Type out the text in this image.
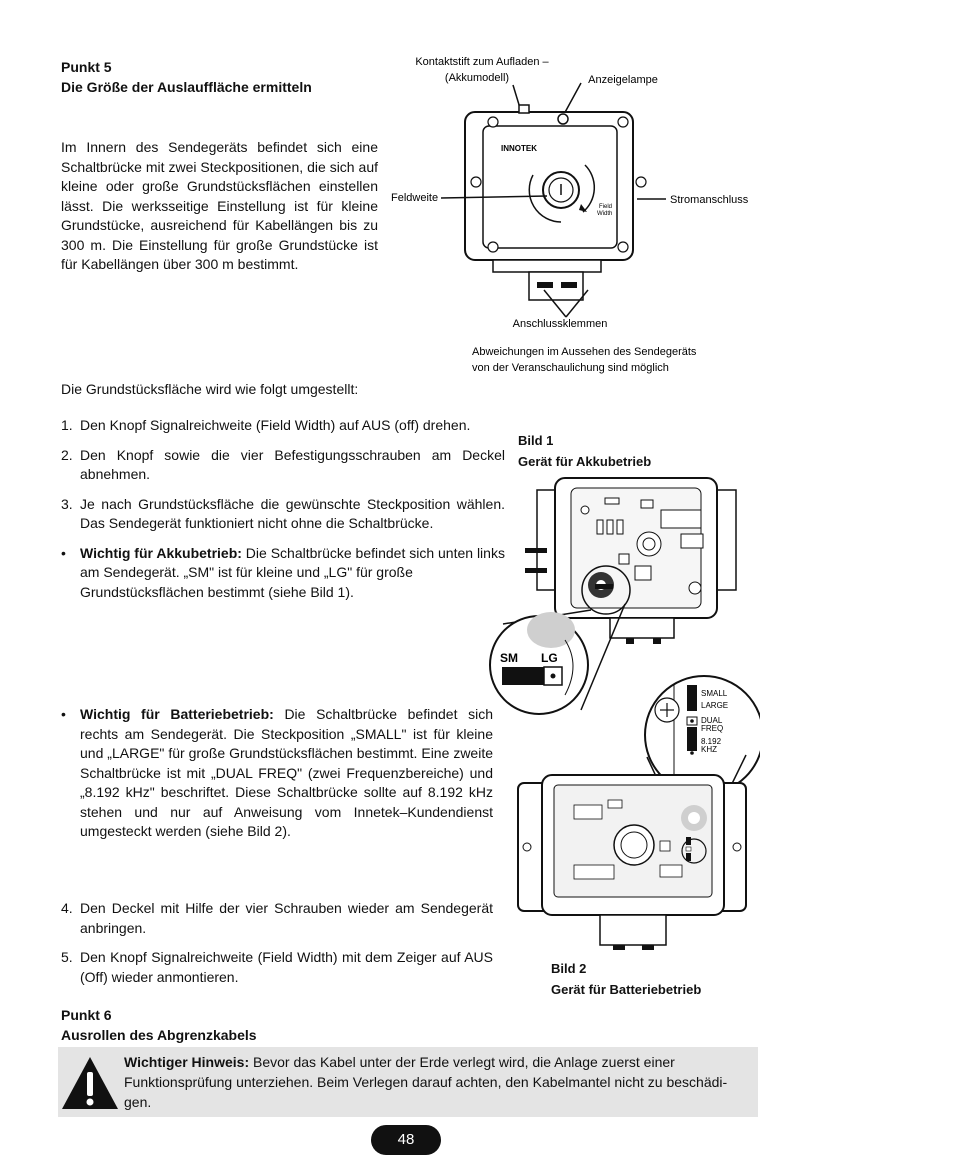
Punkt 5
Die Größe der Auslauffläche ermitteln
Im Innern des Sendegeräts befindet sich eine Schaltbrücke mit zwei Steckpositionen, die sich auf kleine oder große Grundstücksflächen einstellen lässt. Die werksseitige Einstellung ist für kleine Grundstücke, ausreichend für Kabellängen bis zu 300 m. Die Einstellung für große Grundstücke ist für Kabellängen über 300 m bestimmt.
Die Grundstücksfläche wird wie folgt umgestellt:
1. Den Knopf Signalreichweite (Field Width) auf AUS (off) drehen.
2. Den Knopf sowie die vier Befestigungsschrauben am Deckel abnehmen.
3. Je nach Grundstücksfläche die gewünschte Steckposition wählen. Das Sendegerät funktioniert nicht ohne die Schaltbrücke.
• Wichtig für Akkubetrieb: Die Schaltbrücke befindet sich unten links am Sendegerät. „SM" ist für kleine und „LG" für große Grundstücksflächen bestimmt (siehe Bild 1).
• Wichtig für Batteriebetrieb: Die Schaltbrücke befindet sich rechts am Sendegerät. Die Steckposition „SMALL" ist für kleine und „LARGE" für große Grundstücksflächen bestimmt. Eine zweite Schaltbrücke ist mit „DUAL FREQ" (zwei Frequenzbereiche) und „8.192 kHz" beschriftet. Diese Schaltbrücke sollte auf 8.192 kHz stehen und nur auf Anweisung vom Innetek–Kundendienst umgesteckt werden (siehe Bild 2).
4. Den Deckel mit Hilfe der vier Schrauben wieder am Sendegerät anbringen.
5. Den Knopf Signalreichweite (Field Width) mit dem Zeiger auf AUS (Off) wieder anmontieren.
Kontaktstift zum Aufladen –
(Akkumodell)	Anzeigelampe
INNOTEK
Field
Width
Feldweite	Stromanschluss
Anschlussklemmen
Abweichungen im Aussehen des Sendegeräts
von der Veranschaulichung sind möglich
Bild 1
Gerät für Akkubetrieb
SM LG
SMALL
LARGE
DUAL
FREQ
8.192
KHZ
Bild 2
Gerät für Batteriebetrieb
Punkt 6
Ausrollen des Abgrenzkabels
Wichtiger Hinweis: Bevor das Kabel unter der Erde verlegt wird, die Anlage zuerst einer Funktionsprüfung unterziehen. Beim Verlegen darauf achten, den Kabelmantel nicht zu beschädi-gen.
48
